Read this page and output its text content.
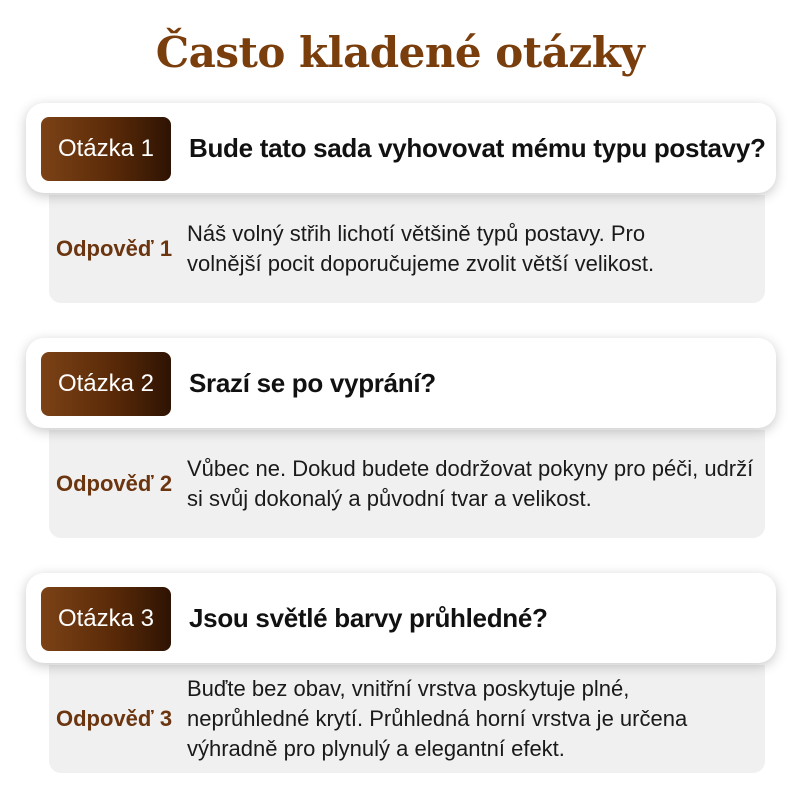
Často kladené otázky
Otázka 1	Bude tato sada vyhovovat mému typu postavy?
Odpověď 1
Náš volný střih lichotí většině typů postavy. Pro volnější pocit doporučujeme zvolit větší velikost.
Otázka 2	Srazí se po vyprání?
Odpověď 2
Vůbec ne. Dokud budete dodržovat pokyny pro péči, udrží si svůj dokonalý a původní tvar a velikost.
Otázka 3	Jsou světlé barvy průhledné?
Odpověď 3
Buďte bez obav, vnitřní vrstva poskytuje plné, neprůhledné krytí. Průhledná horní vrstva je určena výhradně pro plynulý a elegantní efekt.
